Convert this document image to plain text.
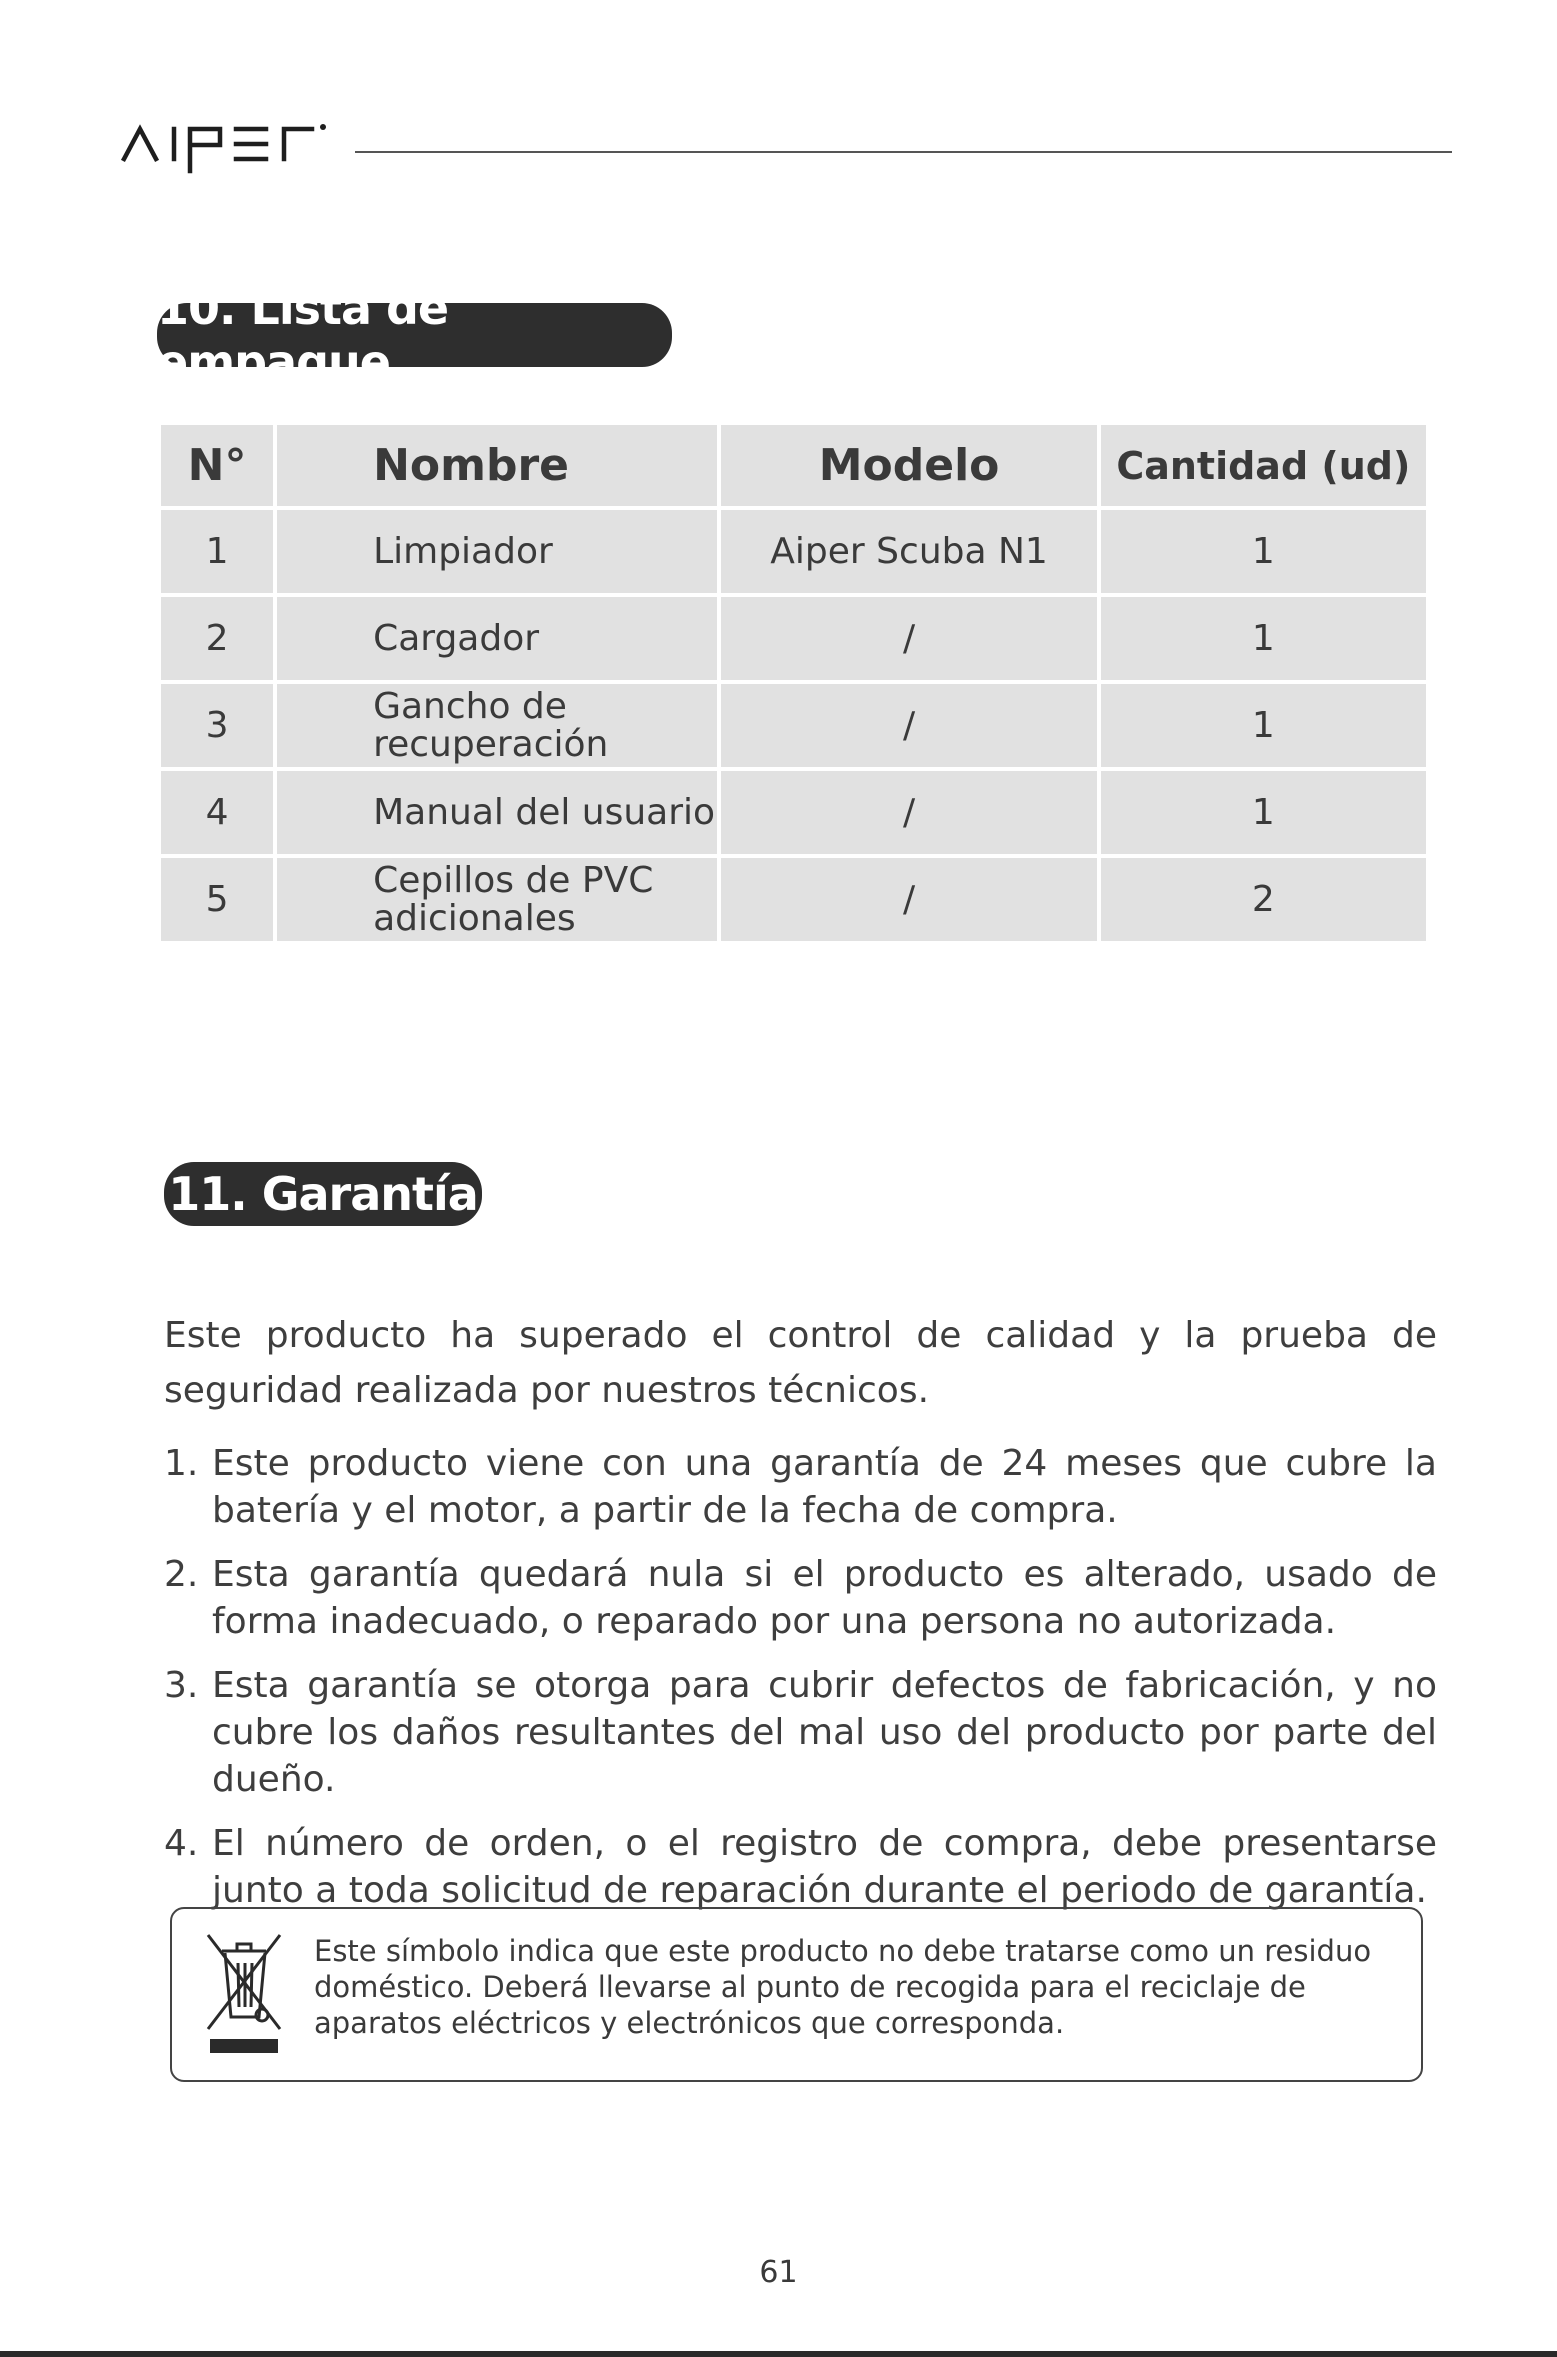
10. Lista de empaque
N°	Nombre	Modelo	Cantidad (ud)
1	Limpiador	Aiper Scuba N1	1
2	Cargador	/	1
3	Gancho de recuperación	/	1
4	Manual del usuario	/	1
5	Cepillos de PVC adicionales	/	2
11. Garantía

Este producto ha superado el control de calidad y la prueba de seguridad realizada por nuestros técnicos.

1. Este producto viene con una garantía de 24 meses que cubre la batería y el motor, a partir de la fecha de compra.
2. Esta garantía quedará nula si el producto es alterado, usado de forma inadecuado, o reparado por una persona no autorizada.
3. Esta garantía se otorga para cubrir defectos de fabricación, y no cubre los daños resultantes del mal uso del producto por parte del dueño.
4. El número de orden, o el registro de compra, debe presentarse junto a toda solicitud de reparación durante el periodo de garantía.
Este símbolo indica que este producto no debe tratarse como un residuo doméstico. Deberá llevarse al punto de recogida para el reciclaje de aparatos eléctricos y electrónicos que corresponda.
61
